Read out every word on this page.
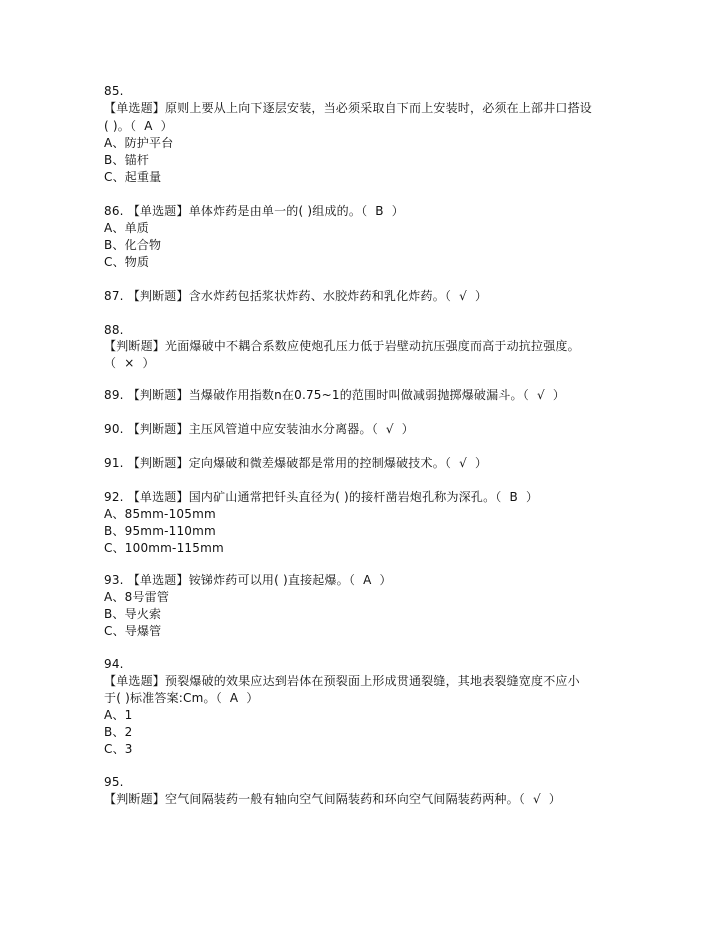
85.
【单选题】原则上要从上向下逐层安装，当必须采取自下而上安装时，必须在上部井口搭设
( )。（  A  ）
A、防护平台
B、锚杆
C、起重量
86. 【单选题】单体炸药是由单一的( )组成的。（  B  ）
A、单质
B、化合物
C、物质
87. 【判断题】含水炸药包括浆状炸药、水胶炸药和乳化炸药。（  √  ）
88.
【判断题】光面爆破中不耦合系数应使炮孔压力低于岩壁动抗压强度而高于动抗拉强度。
（  ×  ）
89. 【判断题】当爆破作用指数n在0.75~1的范围时叫做减弱抛掷爆破漏斗。（  √  ）
90. 【判断题】主压风管道中应安装油水分离器。（  √  ）
91. 【判断题】定向爆破和微差爆破都是常用的控制爆破技术。（  √  ）
92. 【单选题】国内矿山通常把钎头直径为( )的接杆凿岩炮孔称为深孔。（  B  ）
A、85mm-105mm
B、95mm-110mm
C、100mm-115mm
93. 【单选题】铵锑炸药可以用( )直接起爆。（  A  ）
A、8号雷管
B、导火索
C、导爆管
94.
【单选题】预裂爆破的效果应达到岩体在预裂面上形成贯通裂缝，其地表裂缝宽度不应小
于( )标准答案:Cm。（  A  ）
A、1
B、2
C、3
95.
【判断题】空气间隔装药一般有轴向空气间隔装药和环向空气间隔装药两种。（  √  ）
